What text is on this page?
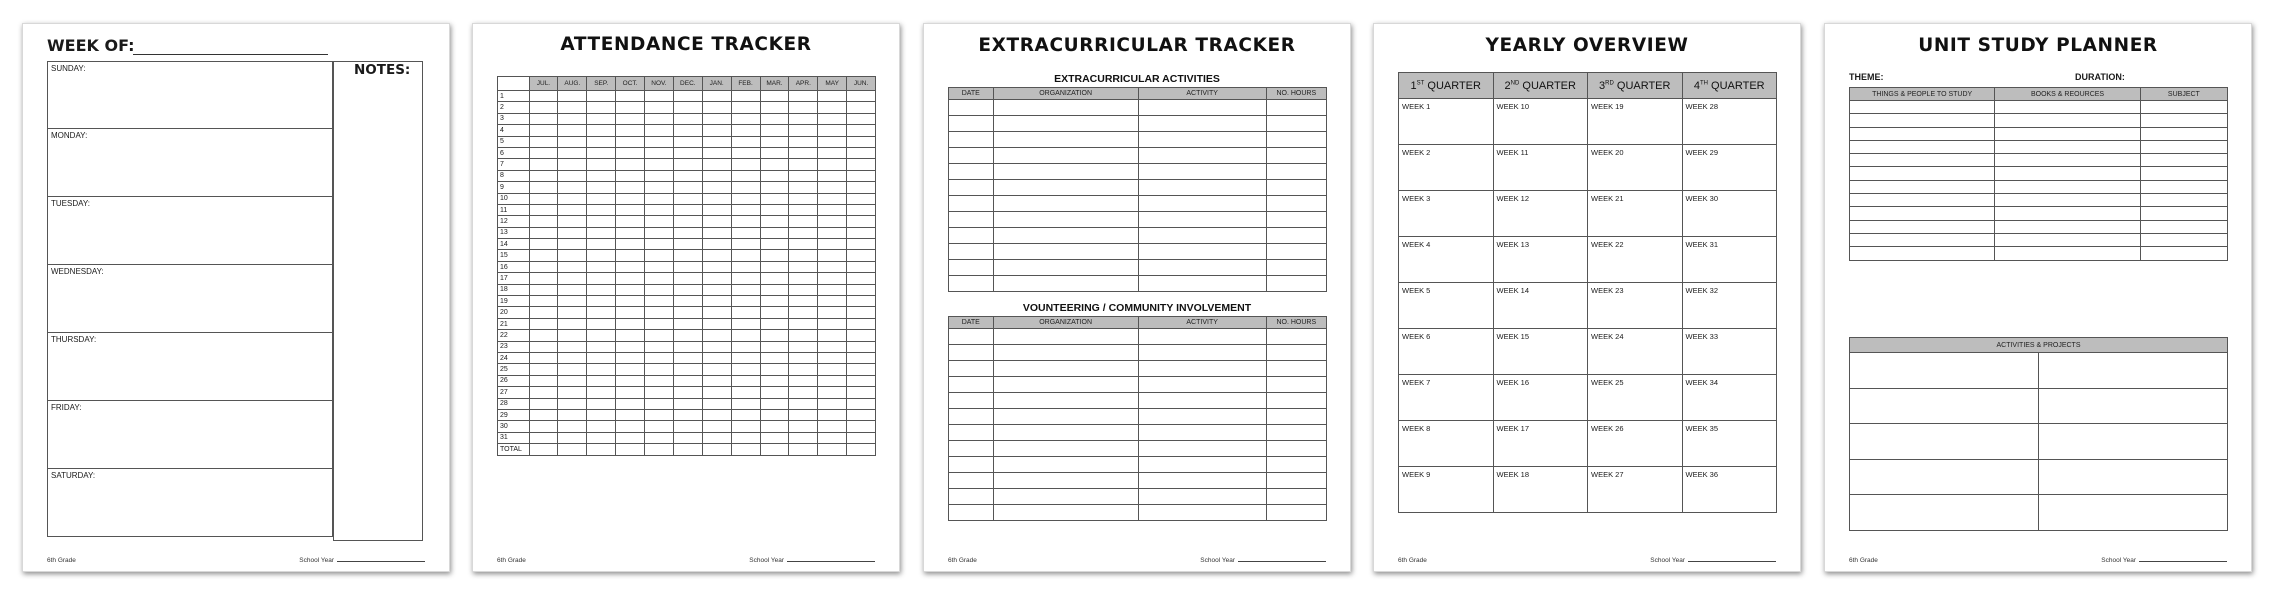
WEEK OF:
SUNDAY:
MONDAY:
TUESDAY:
WEDNESDAY:
THURSDAY:
FRIDAY:
SATURDAY:
NOTES:
6th Grade	School Year
ATTENDANCE TRACKER
	JUL.	AUG.	SEP.	OCT.	NOV.	DEC.	JAN.	FEB.	MAR.	APR.	MAY	JUN.
1												
2												
3												
4												
5												
6												
7												
8												
9												
10												
11												
12												
13												
14												
15												
16												
17												
18												
19												
20												
21												
22												
23												
24												
25												
26												
27												
28												
29												
30												
31												
TOTAL												
6th Grade	School Year
EXTRACURRICULAR TRACKER
EXTRACURRICULAR ACTIVITIES
DATE	ORGANIZATION	ACTIVITY	NO. HOURS

VOUNTEERING / COMMUNITY INVOLVEMENT
DATE	ORGANIZATION	ACTIVITY	NO. HOURS

6th Grade	School Year
YEARLY OVERVIEW
1ST QUARTER	2ND QUARTER	3RD QUARTER	4TH QUARTER
WEEK 1	WEEK 10	WEEK 19	WEEK 28
WEEK 2	WEEK 11	WEEK 20	WEEK 29
WEEK 3	WEEK 12	WEEK 21	WEEK 30
WEEK 4	WEEK 13	WEEK 22	WEEK 31
WEEK 5	WEEK 14	WEEK 23	WEEK 32
WEEK 6	WEEK 15	WEEK 24	WEEK 33
WEEK 7	WEEK 16	WEEK 25	WEEK 34
WEEK 8	WEEK 17	WEEK 26	WEEK 35
WEEK 9	WEEK 18	WEEK 27	WEEK 36
6th Grade	School Year
UNIT STUDY PLANNER
THEME:	DURATION:
THINGS & PEOPLE TO STUDY	BOOKS & REOURCES	SUBJECT

ACTIVITIES & PROJECTS	

6th Grade	School Year
